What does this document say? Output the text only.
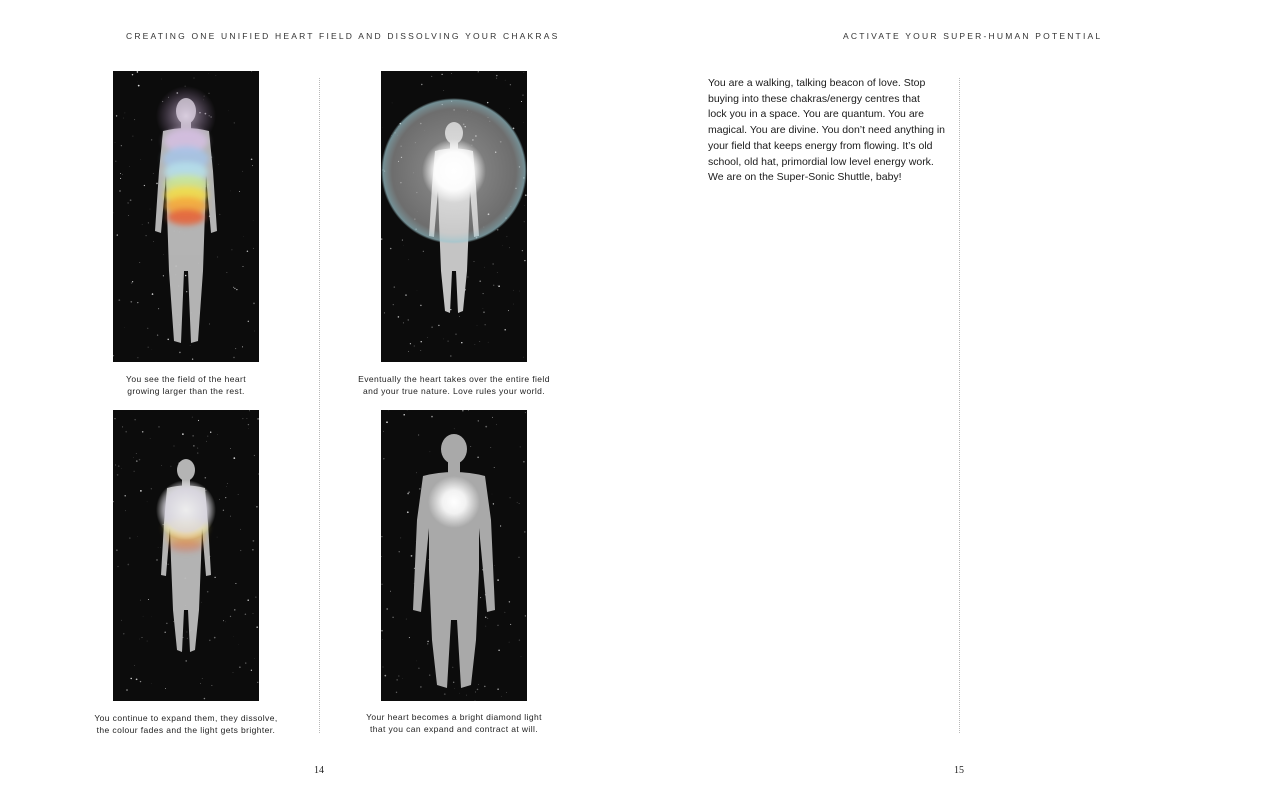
CREATING ONE UNIFIED HEART FIELD AND DISSOLVING YOUR CHAKRAS
You see the field of the heart
growing larger than the rest.
Eventually the heart takes over the entire field
and your true nature. Love rules your world.
You continue to expand them, they dissolve,
the colour fades and the light gets brighter.
Your heart becomes a bright diamond light
that you can expand and contract at will.
14
ACTIVATE YOUR SUPER-HUMAN POTENTIAL
You are a walking, talking beacon of love. Stop
buying into these chakras/energy centres that
lock you in a space. You are quantum. You are
magical. You are divine. You don’t need anything in
your field that keeps energy from flowing. It’s old
school, old hat, primordial low level energy work.
We are on the Super-Sonic Shuttle, baby!
15
